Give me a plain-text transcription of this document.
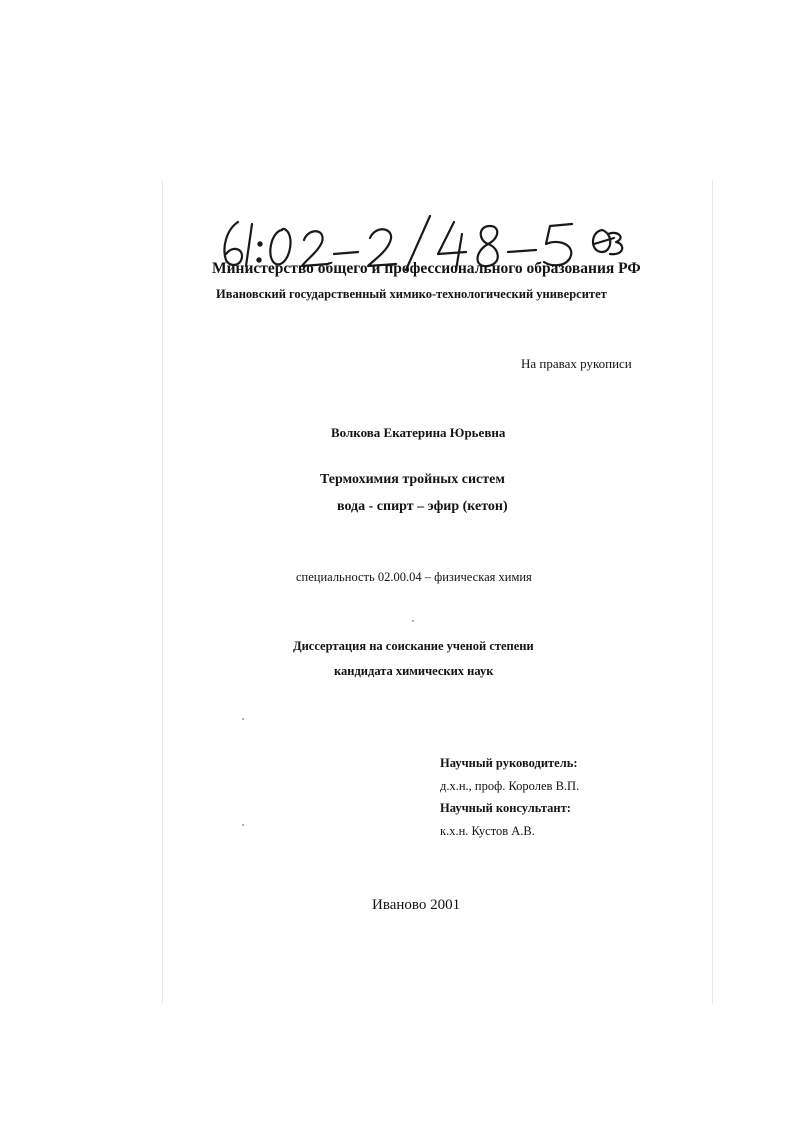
Министерство общего и профессионального образования РФ
Ивановский государственный химико-технологический университет
На правах рукописи
Волкова Екатерина Юрьевна
Термохимия тройных систем
вода - спирт – эфир (кетон)
специальность 02.00.04 – физическая химия
Диссертация на соискание ученой степени
кандидата химических наук
Научный руководитель:
д.х.н., проф. Королев В.П.
Научный консультант:
к.х.н. Кустов А.В.
Иваново 2001
